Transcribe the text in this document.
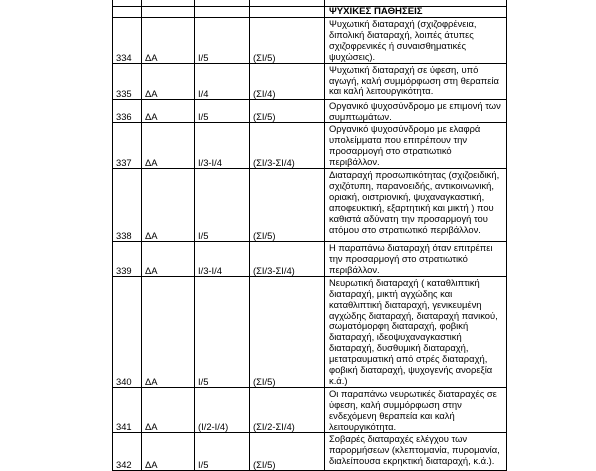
				ΨΥΧΙΚΕΣ ΠΑΘΗΣΕΙΣ
334	ΔΑ	Ι/5	(ΣΙ/5)	Ψυχωτική διαταραχή (σχιζοφρένεια, διπολική διαταραχή, λοιπές άτυπες σχιζοφρενικές ή συναισθηματικές ψυχώσεις).
335	ΔΑ	Ι/4	(ΣΙ/4)	Ψυχωτική διαταραχή σε ύφεση, υπό αγωγή, καλή συμμόρφωση στη θεραπεία και καλή λειτουργικότητα.
336	ΔΑ	Ι/5	(ΣΙ/5)	Οργανικό ψυχοσύνδρομο με επιμονή των συμπτωμάτων.
337	ΔΑ	Ι/3-Ι/4	(ΣΙ/3-ΣΙ/4)	Οργανικό ψυχοσύνδρομο με ελαφρά υπολείμματα που επιτρέπουν την προσαρμογή στο στρατιωτικό περιβάλλον.
338	ΔΑ	Ι/5	(ΣΙ/5)	Διαταραχή προσωπικότητας (σχιζοειδική, σχιζότυπη, παρανοειδής, αντικοινωνική, οριακή, οιστριονική, ψυχαναγκαστική, αποφευκτική, εξαρτητική και μικτή ) που καθιστά αδύνατη την προσαρμογή του ατόμου στο στρατιωτικό περιβάλλον.
339	ΔΑ	Ι/3-Ι/4	(ΣΙ/3-ΣΙ/4)	Η παραπάνω διαταραχή όταν επιτρέπει την προσαρμογή στο στρατιωτικό περιβάλλον.
340	ΔΑ	Ι/5	(ΣΙ/5)	Νευρωτική διαταραχή ( καταθλιπτική διαταραχή, μικτή αγχώδης και καταθλιπτική διαταραχή, γενικευμένη αγχώδης διαταραχή, διαταραχή πανικού, σωματόμορφη διαταραχή, φοβική διαταραχή, ιδεοψυχαναγκαστική διαταραχή, δυσθυμική διαταραχή, μετατραυματική από στρές διαταραχή, φοβική διαταραχή, ψυχογενής ανορεξία κ.ά.)
341	ΔΑ	(Ι/2-Ι/4)	(ΣΙ/2-ΣΙ/4)	Οι παραπάνω νευρωτικές διαταραχές σε ύφεση, καλή συμμόρφωση στην ενδεχόμενη θεραπεία και καλή λειτουργικότητα.
342	ΔΑ	Ι/5	(ΣΙ/5)	Σοβαρές διαταραχές ελέγχου των παρορμήσεων (κλεπτομανία, πυρομανία, διαλείπουσα εκρηκτική διαταραχή, κ.ά.).
